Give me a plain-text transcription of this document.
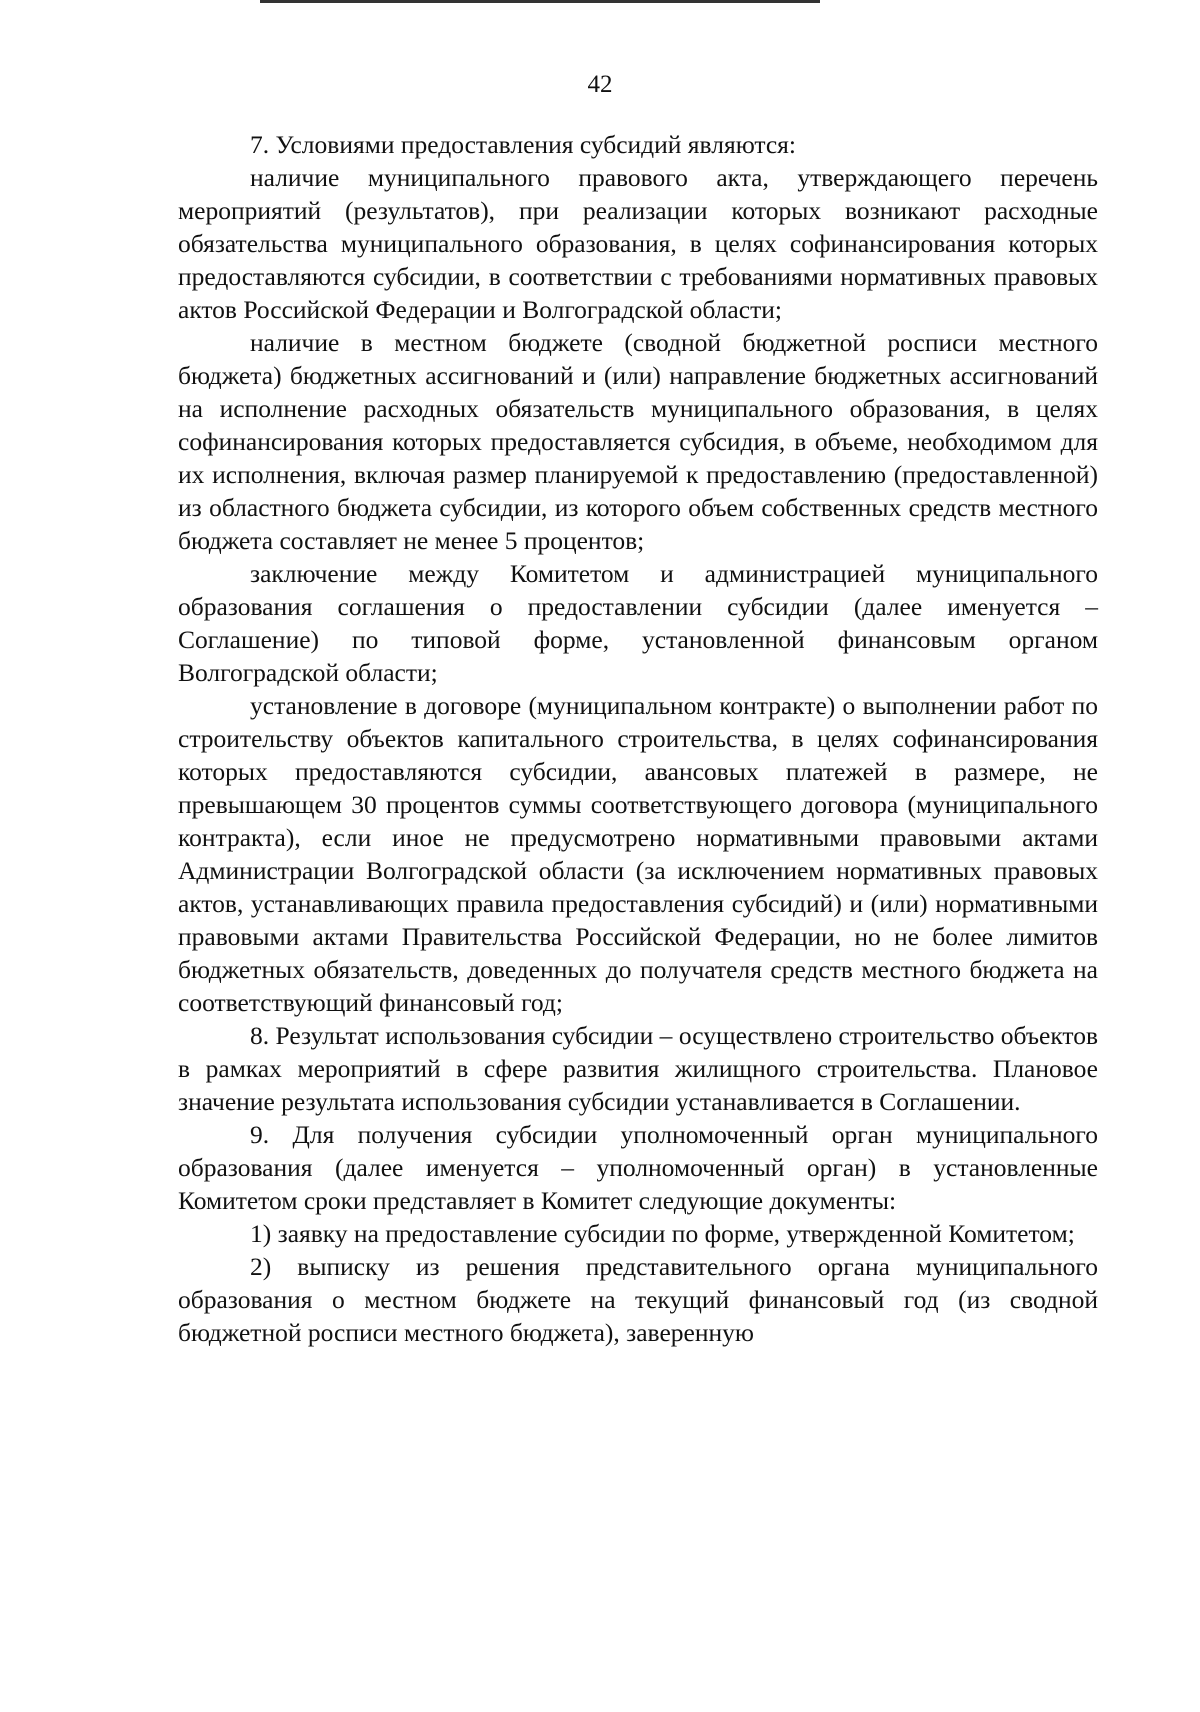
42

7. Условиями предоставления субсидий являются:

наличие муниципального правового акта, утверждающего перечень мероприятий (результатов), при реализации которых возникают расходные обязательства муниципального образования, в целях софинансирования которых предоставляются субсидии, в соответствии с требованиями нормативных правовых актов Российской Федерации и Волгоградской области;

наличие в местном бюджете (сводной бюджетной росписи местного бюджета) бюджетных ассигнований и (или) направление бюджетных ассигнований на исполнение расходных обязательств муниципального образования, в целях софинансирования которых предоставляется субсидия, в объеме, необходимом для их исполнения, включая размер планируемой к предоставлению (предоставленной) из областного бюджета субсидии, из которого объем собственных средств местного бюджета составляет не менее 5 процентов;

заключение между Комитетом и администрацией муниципального образования соглашения о предоставлении субсидии (далее именуется – Соглашение) по типовой форме, установленной финансовым органом Волгоградской области;

установление в договоре (муниципальном контракте) о выполнении работ по строительству объектов капитального строительства, в целях софинансирования которых предоставляются субсидии, авансовых платежей в размере, не превышающем 30 процентов суммы соответствующего договора (муниципального контракта), если иное не предусмотрено нормативными правовыми актами Администрации Волгоградской области (за исключением нормативных правовых актов, устанавливающих правила предоставления субсидий) и (или) нормативными правовыми актами Правительства Российской Федерации, но не более лимитов бюджетных обязательств, доведенных до получателя средств местного бюджета на соответствующий финансовый год;

8. Результат использования субсидии – осуществлено строительство объектов в рамках мероприятий в сфере развития жилищного строительства. Плановое значение результата использования субсидии устанавливается в Соглашении.

9. Для получения субсидии уполномоченный орган муниципального образования (далее именуется – уполномоченный орган) в установленные Комитетом сроки представляет в Комитет следующие документы:

1) заявку на предоставление субсидии по форме, утвержденной Комитетом;

2) выписку из решения представительного органа муниципального образования о местном бюджете на текущий финансовый год (из сводной бюджетной росписи местного бюджета), заверенную
